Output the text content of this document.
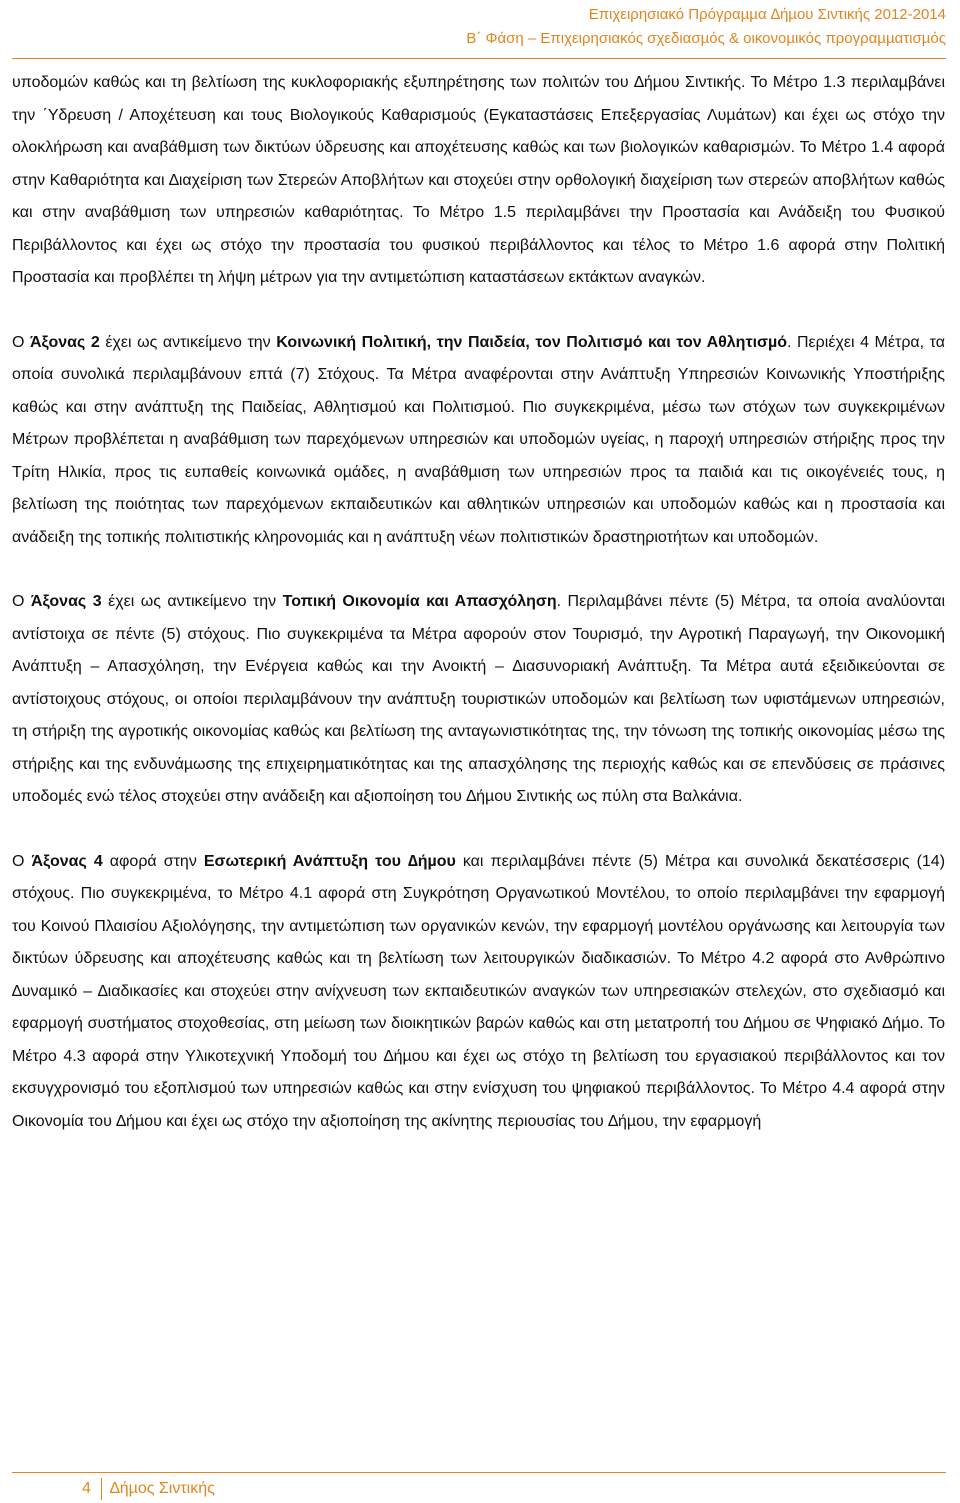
Επιχειρησιακό Πρόγραµµα ∆ήµου Σιντικής 2012-2014
Β΄ Φάση – Επιχειρησιακός σχεδιασµός & οικονοµικός προγραµµατισµός

υποδοµών καθώς και τη βελτίωση της κυκλοφοριακής εξυπηρέτησης των πολιτών του ∆ήµου Σιντικής. Το Μέτρο 1.3 περιλαµβάνει την ΄Υδρευση / Αποχέτευση και τους Βιολογικούς Καθαρισµούς (Εγκαταστάσεις Επεξεργασίας Λυµάτων) και έχει ως στόχο την ολοκλήρωση και αναβάθµιση των δικτύων ύδρευσης και αποχέτευσης καθώς και των βιολογικών καθαρισµών. Το Μέτρο 1.4 αφορά στην Καθαριότητα και ∆ιαχείριση των Στερεών Αποβλήτων και στοχεύει στην ορθολογική διαχείριση των στερεών αποβλήτων καθώς και στην αναβάθµιση των υπηρεσιών καθαριότητας. Το Μέτρο 1.5 περιλαµβάνει την Προστασία και Ανάδειξη του Φυσικού Περιβάλλοντος και έχει ως στόχο την προστασία του φυσικού περιβάλλοντος και τέλος το Μέτρο 1.6 αφορά στην Πολιτική Προστασία και προβλέπει τη λήψη µέτρων για την αντιµετώπιση καταστάσεων εκτάκτων αναγκών.

Ο Άξονας 2 έχει ως αντικείµενο την Κοινωνική Πολιτική, την Παιδεία, τον Πολιτισµό και τον Αθλητισµό. Περιέχει 4 Μέτρα, τα οποία συνολικά περιλαµβάνουν επτά (7) Στόχους. Τα Μέτρα αναφέρονται στην Ανάπτυξη Υπηρεσιών Κοινωνικής Υποστήριξης καθώς και στην ανάπτυξη της Παιδείας, Αθλητισµού και Πολιτισµού. Πιο συγκεκριµένα, µέσω των στόχων των συγκεκριµένων Μέτρων προβλέπεται η αναβάθµιση των παρεχόµενων υπηρεσιών και υποδοµών υγείας, η παροχή υπηρεσιών στήριξης προς την Τρίτη Ηλικία, προς τις ευπαθείς κοινωνικά οµάδες, η αναβάθµιση των υπηρεσιών προς τα παιδιά και τις οικογένειές τους, η βελτίωση της ποιότητας των παρεχόµενων εκπαιδευτικών και αθλητικών υπηρεσιών και υποδοµών καθώς και η προστασία και ανάδειξη της τοπικής πολιτιστικής κληρονοµιάς και η ανάπτυξη νέων πολιτιστικών δραστηριοτήτων και υποδοµών.

Ο Άξονας 3 έχει ως αντικείµενο την Τοπική Οικονοµία και Απασχόληση. Περιλαµβάνει πέντε (5) Μέτρα, τα οποία αναλύονται αντίστοιχα σε πέντε (5) στόχους. Πιο συγκεκριµένα τα Μέτρα αφορούν στον Τουρισµό, την Αγροτική Παραγωγή, την Οικονοµική Ανάπτυξη – Απασχόληση, την Ενέργεια καθώς και την Ανοικτή – ∆ιασυνοριακή Ανάπτυξη. Τα Μέτρα αυτά εξειδικεύονται σε αντίστοιχους στόχους, οι οποίοι περιλαµβάνουν την ανάπτυξη τουριστικών υποδοµών και βελτίωση των υφιστάµενων υπηρεσιών, τη στήριξη της αγροτικής οικονοµίας καθώς και βελτίωση της ανταγωνιστικότητας της, την τόνωση της τοπικής οικονοµίας µέσω της στήριξης και της ενδυνάµωσης της επιχειρηµατικότητας και της απασχόλησης της περιοχής καθώς και σε επενδύσεις σε πράσινες υποδοµές ενώ τέλος στοχεύει στην ανάδειξη και αξιοποίηση του ∆ήµου Σιντικής ως πύλη στα Βαλκάνια.

Ο Άξονας 4 αφορά στην Εσωτερική Ανάπτυξη του ∆ήµου και περιλαµβάνει πέντε (5) Μέτρα και συνολικά δεκατέσσερις (14) στόχους. Πιο συγκεκριµένα, το Μέτρο 4.1 αφορά στη Συγκρότηση Οργανωτικού Μοντέλου, το οποίο περιλαµβάνει την εφαρµογή του Κοινού Πλαισίου Αξιολόγησης, την αντιµετώπιση των οργανικών κενών, την εφαρµογή µοντέλου οργάνωσης και λειτουργία των δικτύων ύδρευσης και αποχέτευσης καθώς και τη βελτίωση των λειτουργικών διαδικασιών. Το Μέτρο 4.2 αφορά στο Ανθρώπινο ∆υναµικό – ∆ιαδικασίες και στοχεύει στην ανίχνευση των εκπαιδευτικών αναγκών των υπηρεσιακών στελεχών, στο σχεδιασµό και εφαρµογή συστήµατος στοχοθεσίας, στη µείωση των διοικητικών βαρών καθώς και στη µετατροπή του ∆ήµου σε Ψηφιακό ∆ήµο. Το Μέτρο 4.3 αφορά στην Υλικοτεχνική Υποδοµή του ∆ήµου και έχει ως στόχο τη βελτίωση του εργασιακού περιβάλλοντος και τον εκσυγχρονισµό του εξοπλισµού των υπηρεσιών καθώς και στην ενίσχυση του ψηφιακού περιβάλλοντος. Το Μέτρο 4.4 αφορά στην Οικονοµία του ∆ήµου και έχει ως στόχο την αξιοποίηση της ακίνητης περιουσίας του ∆ήµου, την εφαρµογή

4 ∆ήµος Σιντικής
